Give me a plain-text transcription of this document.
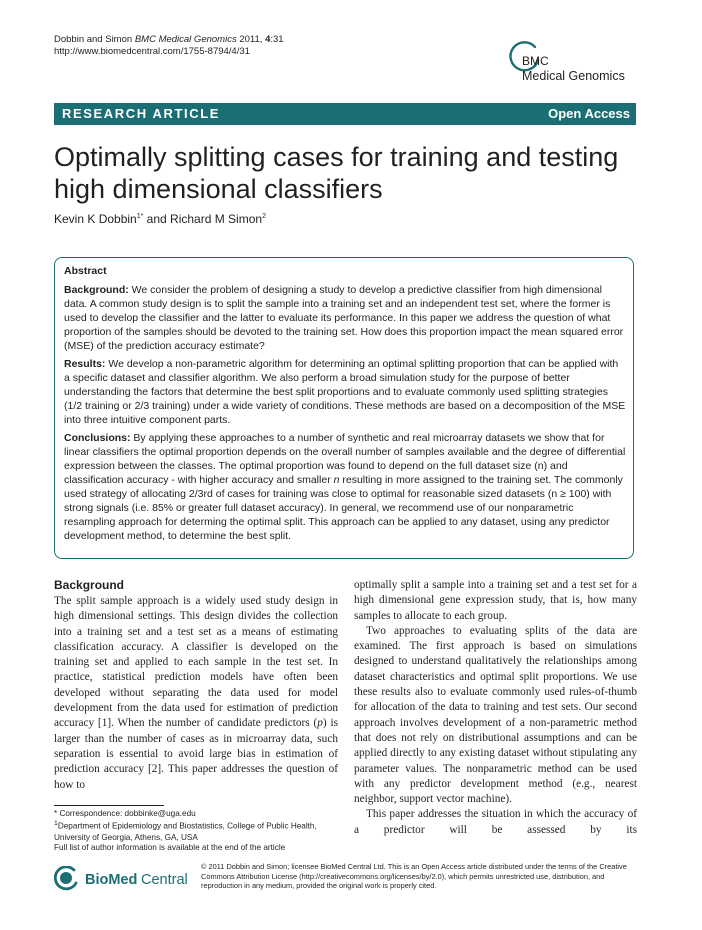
Dobbin and Simon BMC Medical Genomics 2011, 4:31
http://www.biomedcentral.com/1755-8794/4/31
BMC
Medical Genomics
RESEARCH ARTICLE	Open Access
Optimally splitting cases for training and testing high dimensional classifiers
Kevin K Dobbin$^{1*}$ and Richard M Simon$^2$
Abstract

Background: We consider the problem of designing a study to develop a predictive classifier from high dimensional data. A common study design is to split the sample into a training set and an independent test set, where the former is used to develop the classifier and the latter to evaluate its performance. In this paper we address the question of what proportion of the samples should be devoted to the training set. How does this proportion impact the mean squared error (MSE) of the prediction accuracy estimate?

Results: We develop a non-parametric algorithm for determining an optimal splitting proportion that can be applied with a specific dataset and classifier algorithm. We also perform a broad simulation study for the purpose of better understanding the factors that determine the best split proportions and to evaluate commonly used splitting strategies (1/2 training or 2/3 training) under a wide variety of conditions. These methods are based on a decomposition of the MSE into three intuitive component parts.

Conclusions: By applying these approaches to a number of synthetic and real microarray datasets we show that for linear classifiers the optimal proportion depends on the overall number of samples available and the degree of differential expression between the classes. The optimal proportion was found to depend on the full dataset size (n) and classification accuracy - with higher accuracy and smaller n resulting in more assigned to the training set. The commonly used strategy of allocating 2/3rd of cases for training was close to optimal for reasonable sized datasets (n ≥ 100) with strong signals (i.e. 85% or greater full dataset accuracy). In general, we recommend use of our nonparametric resampling approach for determing the optimal split. This approach can be applied to any dataset, using any predictor development method, to determine the best split.

Background

The split sample approach is a widely used study design in high dimensional settings. This design divides the collection into a training set and a test set as a means of estimating classification accuracy. A classifier is developed on the training set and applied to each sample in the test set. In practice, statistical prediction models have often been developed without separating the data used for model development from the data used for estimation of prediction accuracy [1]. When the number of candidate predictors (p) is larger than the number of cases as in microarray data, such separation is essential to avoid large bias in estimation of prediction accuracy [2]. This paper addresses the question of how to

optimally split a sample into a training set and a test set for a high dimensional gene expression study, that is, how many samples to allocate to each group.

Two approaches to evaluating splits of the data are examined. The first approach is based on simulations designed to understand qualitatively the relationships among dataset characteristics and optimal split proportions. We use these results also to evaluate commonly used rules-of-thumb for allocation of the data to training and test sets. Our second approach involves development of a non-parametric method that does not rely on distributional assumptions and can be applied directly to any existing dataset without stipulating any parameter values. The nonparametric method can be used with any predictor development method (e.g., nearest neighbor, support vector machine).

This paper addresses the situation in which the accuracy of a predictor will be assessed by its

* Correspondence: dobbinke@uga.edu

$^1$Department of Epidemiology and Biostatistics, College of Public Health, University of Georgia, Athens, GA, USA

Full list of author information is available at the end of the article

BioMed Central
© 2011 Dobbin and Simon; licensee BioMed Central Ltd. This is an Open Access article distributed under the terms of the Creative Commons Attribution License (http://creativecommons.org/licenses/by/2.0), which permits unrestricted use, distribution, and reproduction in any medium, provided the original work is properly cited.
